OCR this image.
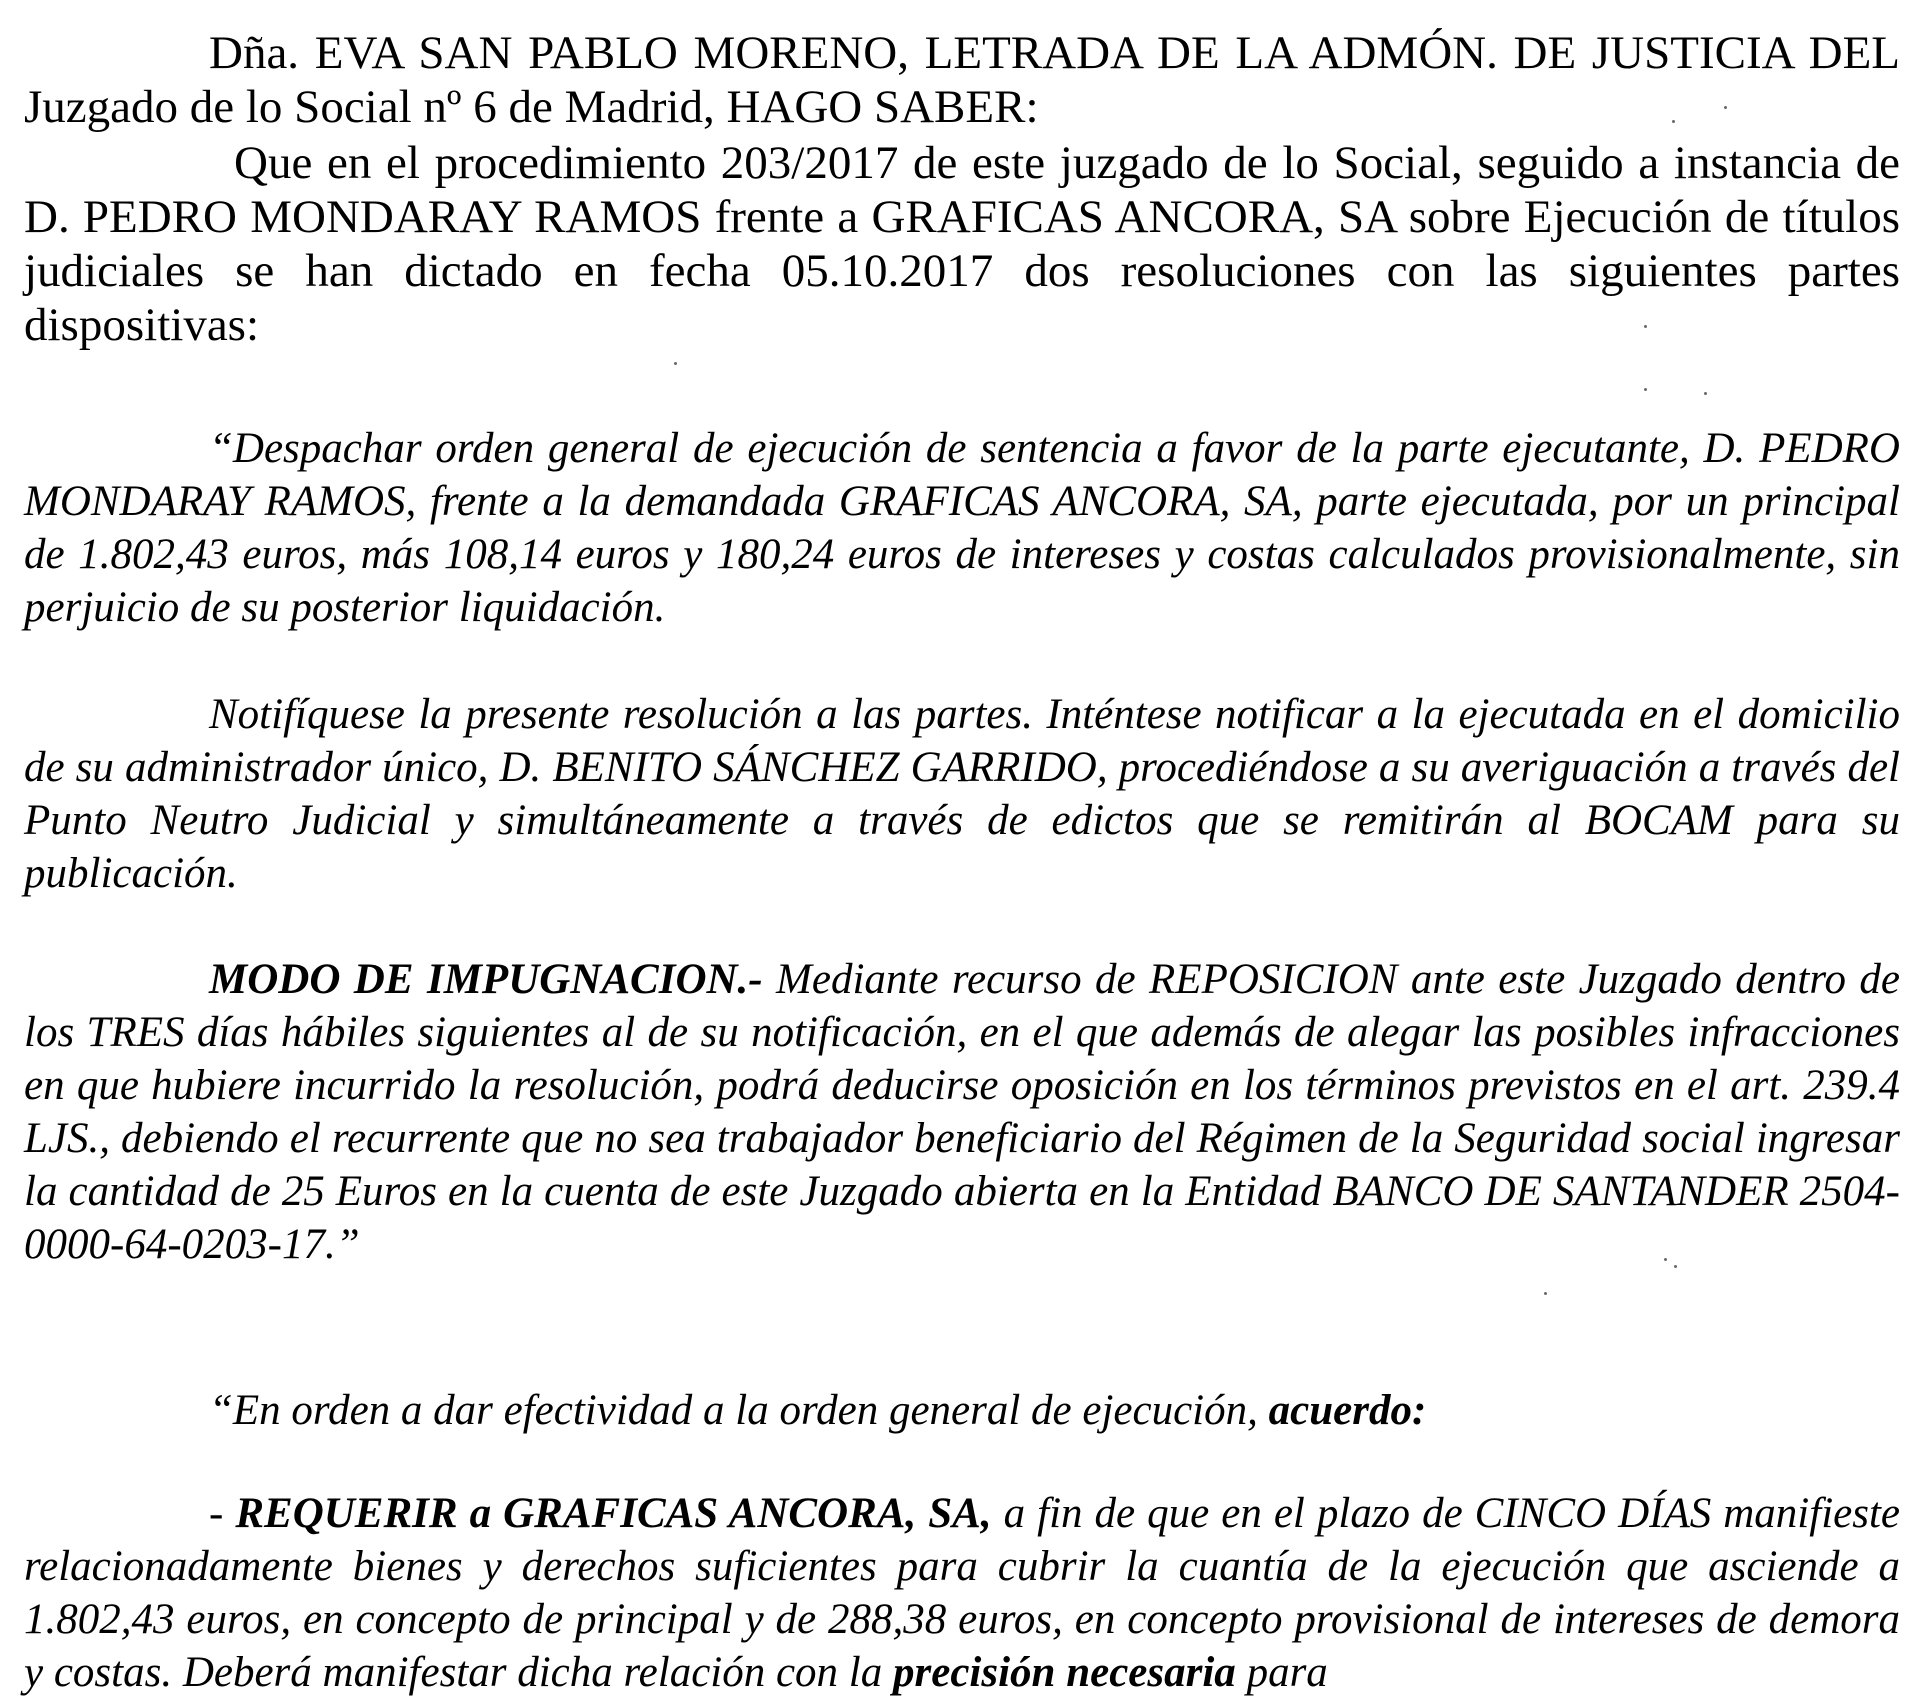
Dña. EVA SAN PABLO MORENO, LETRADA DE LA ADMÓN. DE JUSTICIA DEL Juzgado de lo Social nº 6 de Madrid, HAGO SABER:

Que en el procedimiento 203/2017 de este juzgado de lo Social, seguido a instancia de D. PEDRO MONDARAY RAMOS frente a GRAFICAS ANCORA, SA sobre Ejecución de títulos judiciales se han dictado en fecha 05.10.2017 dos resoluciones con las siguientes partes dispositivas:

“Despachar orden general de ejecución de sentencia a favor de la parte ejecutante, D. PEDRO MONDARAY RAMOS, frente a la demandada GRAFICAS ANCORA, SA, parte ejecutada, por un principal de 1.802,43 euros, más 108,14 euros y 180,24 euros de intereses y costas calculados provisionalmente, sin perjuicio de su posterior liquidación.

Notifíquese la presente resolución a las partes. Inténtese notificar a la ejecutada en el domicilio de su administrador único, D. BENITO SÁNCHEZ GARRIDO, procediéndose a su averiguación a través del Punto Neutro Judicial y simultáneamente a través de edictos que se remitirán al BOCAM para su publicación.

MODO DE IMPUGNACION.- Mediante recurso de REPOSICION ante este Juzgado dentro de los TRES días hábiles siguientes al de su notificación, en el que además de alegar las posibles infracciones en que hubiere incurrido la resolución, podrá deducirse oposición en los términos previstos en el art. 239.4 LJS., debiendo el recurrente que no sea trabajador beneficiario del Régimen de la Seguridad social ingresar la cantidad de 25 Euros en la cuenta de este Juzgado abierta en la Entidad BANCO DE SANTANDER 2504-0000-64-0203-17.”

“En orden a dar efectividad a la orden general de ejecución, acuerdo:

- REQUERIR a GRAFICAS ANCORA, SA, a fin de que en el plazo de CINCO DÍAS manifieste relacionadamente bienes y derechos suficientes para cubrir la cuantía de la ejecución que asciende a 1.802,43 euros, en concepto de principal y de 288,38 euros, en concepto provisional de intereses de demora y costas. Deberá manifestar dicha relación con la precisión necesaria para
